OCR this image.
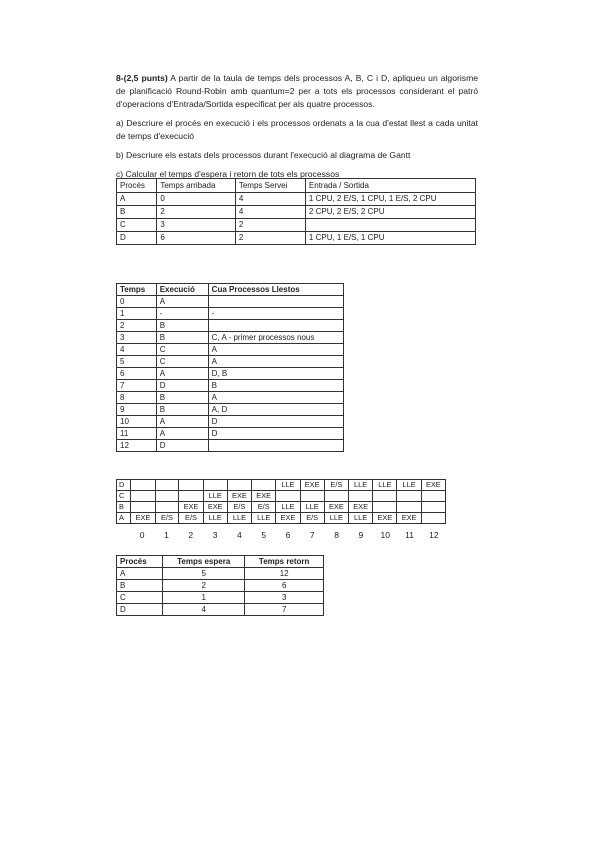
8-(2,5 punts) A partir de la taula de temps dels processos A, B, C i D, apliqueu un algorisme de planificació Round-Robin amb quantum=2 per a tots els processos considerant el patró d'operacions d'Entrada/Sortida especificat per als quatre processos.

a) Descriure el procés en execució i els processos ordenats a la cua d'estat llest a cada unitat de temps d'execució

b) Descriure els estats dels processos durant l'execució al diagrama de Gantt

c) Calcular el temps d'espera i retorn de tots els processos

Procés	Temps arribada	Temps Servei	Entrada / Sortida
A	0	4	1 CPU, 2 E/S, 1 CPU, 1 E/S, 2 CPU
B	2	4	2 CPU, 2 E/S, 2 CPU
C	3	2	
D	6	2	1 CPU, 1 E/S, 1 CPU
Temps	Execució	Cua Processos Llestos
0	A	
1	-	-
2	B	
3	B	C, A - primer processos nous
4	C	A
5	C	A
6	A	D, B
7	D	B
8	B	A
9	B	A, D
10	A	D
11	A	D
12	D	
D							LLE	EXE	E/S	LLE	LLE	LLE	EXE
C				LLE	EXE	EXE							
B			EXE	EXE	E/S	E/S	LLE	LLE	EXE	EXE			
A	EXE	E/S	E/S	LLE	LLE	LLE	EXE	E/S	LLE	LLE	EXE	EXE	
0 1 2 3 4 5 6 7 8 9 10 11 12
Procés	Temps espera	Temps retorn
A	5	12
B	2	6
C	1	3
D	4	7
